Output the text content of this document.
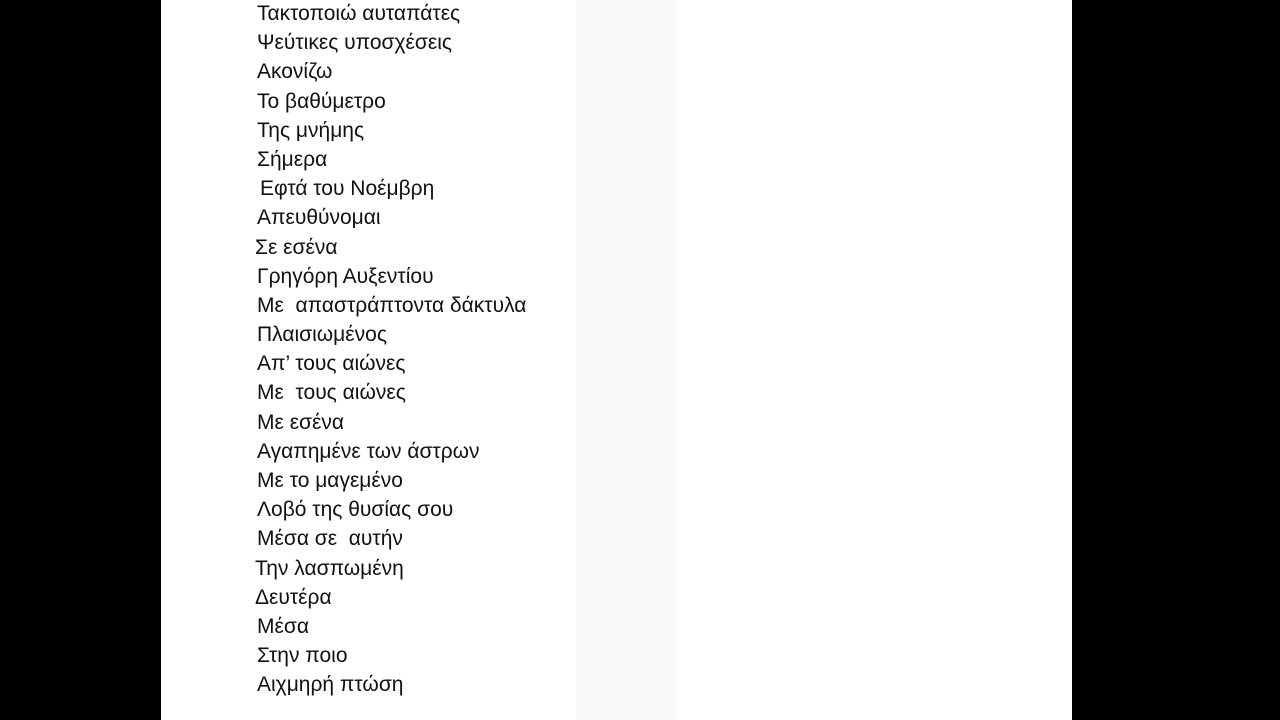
Τακτοποιώ αυταπάτες
Ψεύτικες υποσχέσεις
Ακονίζω
Το βαθύμετρο
Της μνήμης
Σήμερα
Εφτά του Νοέμβρη
Απευθύνομαι
Σε εσένα
Γρηγόρη Αυξεντίου
Με  απαστράπτοντα δάκτυλα
Πλαισιωμένος
Απ’ τους αιώνες
Με  τους αιώνες
Με εσένα
Αγαπημένε των άστρων
Με το μαγεμένο
Λοβό της θυσίας σου
Μέσα σε  αυτήν
Την λασπωμένη
Δευτέρα
Μέσα
Στην ποιο
Αιχμηρή πτώση
